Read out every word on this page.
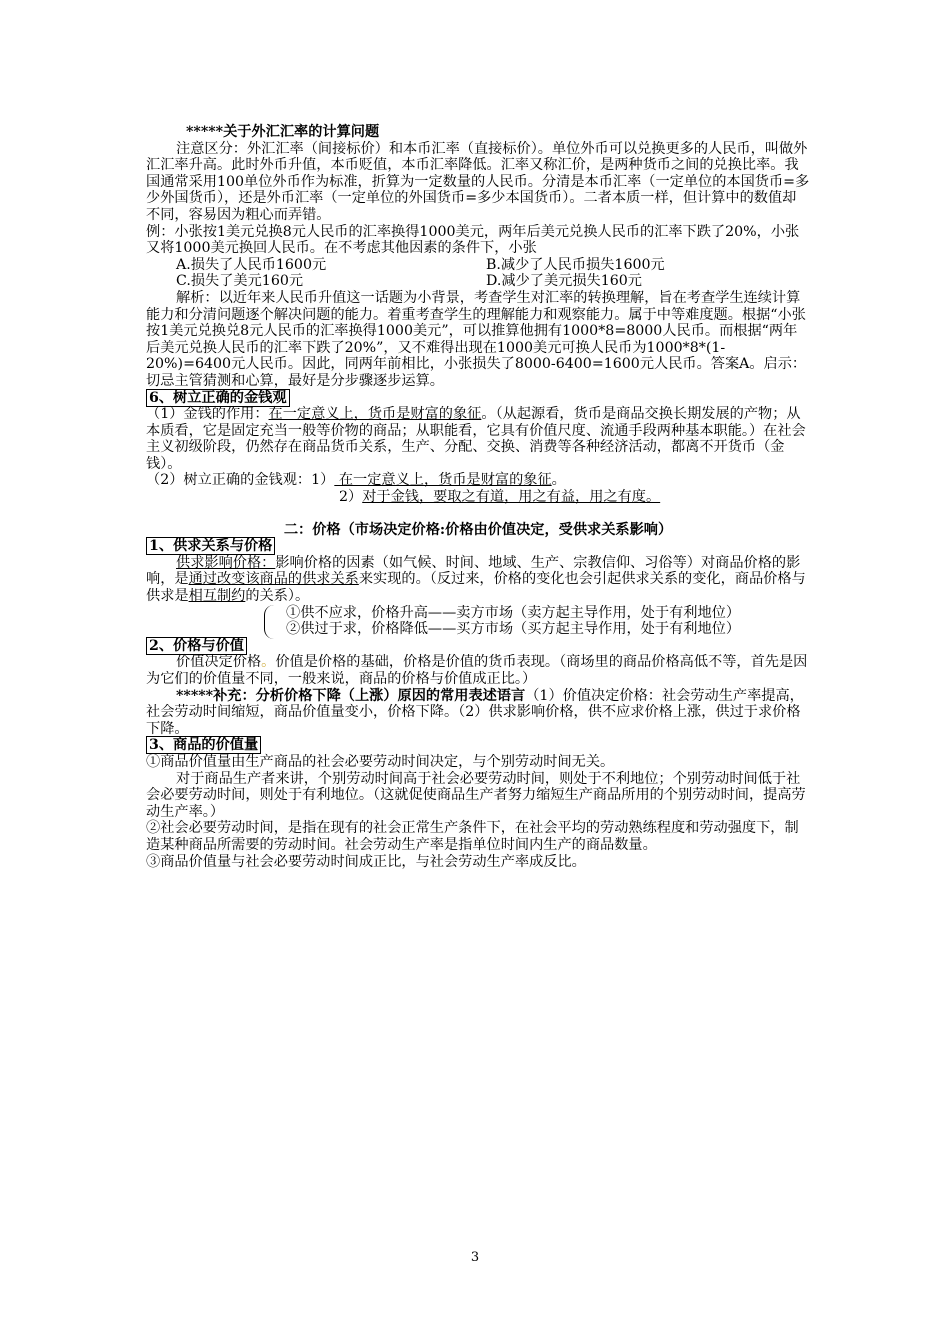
*****关于外汇汇率的计算问题

注意区分：外汇汇率（间接标价）和本币汇率（直接标价）。单位外币可以兑换更多的人民币，叫做外汇汇率升高。此时外币升值，本币贬值，本币汇率降低。汇率又称汇价，是两种货币之间的兑换比率。我国通常采用100单位外币作为标准，折算为一定数量的人民币。分清是本币汇率（一定单位的本国货币=多少外国货币），还是外币汇率（一定单位的外国货币=多少本国货币）。二者本质一样，但计算中的数值却不同，容易因为粗心而弄错。

例：小张按1美元兑换8元人民币的汇率换得1000美元，两年后美元兑换人民币的汇率下跌了20%，小张又将1000美元换回人民币。在不考虑其他因素的条件下，小张

A.损失了人民币1600元	B.减少了人民币损失1600元
C.损失了美元160元	D.减少了美元损失160元

解析：以近年来人民币升值这一话题为小背景，考查学生对汇率的转换理解，旨在考查学生连续计算能力和分清问题逐个解决问题的能力。着重考查学生的理解能力和观察能力。属于中等难度题。根据“小张按1美元兑换兑8元人民币的汇率换得1000美元”，可以推算他拥有1000*8=8000人民币。而根据“两年后美元兑换人民币的汇率下跌了20%”，又不难得出现在1000美元可换人民币为1000*8*(1-20%)=6400元人民币。因此，同两年前相比，小张损失了8000-6400=1600元人民币。答案A。启示：切忌主管猜测和心算，最好是分步骤逐步运算。

6、树立正确的金钱观

（1）金钱的作用：在一定意义上，货币是财富的象征。（从起源看，货币是商品交换长期发展的产物；从本质看，它是固定充当一般等价物的商品；从职能看，它具有价值尺度、流通手段两种基本职能。）在社会主义初级阶段，仍然存在商品货币关系，生产、分配、交换、消费等各种经济活动，都离不开货币（金钱）。

（2）树立正确的金钱观：1） 在一定意义上，货币是财富的象征。

2）对于金钱，要取之有道，用之有益，用之有度。

二：价格（市场决定价格:价格由价值决定，受供求关系影响）

1、供求关系与价格

供求影响价格：影响价格的因素（如气候、时间、地域、生产、宗教信仰、习俗等）对商品价格的影响，是通过改变该商品的供求关系来实现的。（反过来，价格的变化也会引起供求关系的变化，商品价格与供求是相互制约的关系）。

①供不应求，价格升高——卖方市场（卖方起主导作用，处于有利地位）

②供过于求，价格降低——买方市场（买方起主导作用，处于有利地位）

2、价格与价值

价值决定价格。价值是价格的基础，价格是价值的货币表现。（商场里的商品价格高低不等，首先是因为它们的价值量不同，一般来说，商品的价格与价值成正比。）

*****补充：分析价格下降（上涨）原因的常用表述语言（1）价值决定价格：社会劳动生产率提高，社会劳动时间缩短，商品价值量变小，价格下降。（2）供求影响价格，供不应求价格上涨，供过于求价格下降。

3、商品的价值量

①商品价值量由生产商品的社会必要劳动时间决定，与个别劳动时间无关。

对于商品生产者来讲，个别劳动时间高于社会必要劳动时间，则处于不利地位；个别劳动时间低于社会必要劳动时间，则处于有利地位。（这就促使商品生产者努力缩短生产商品所用的个别劳动时间，提高劳动生产率。）

②社会必要劳动时间，是指在现有的社会正常生产条件下，在社会平均的劳动熟练程度和劳动强度下，制造某种商品所需要的劳动时间。社会劳动生产率是指单位时间内生产的商品数量。

③商品价值量与社会必要劳动时间成正比，与社会劳动生产率成反比。

3
